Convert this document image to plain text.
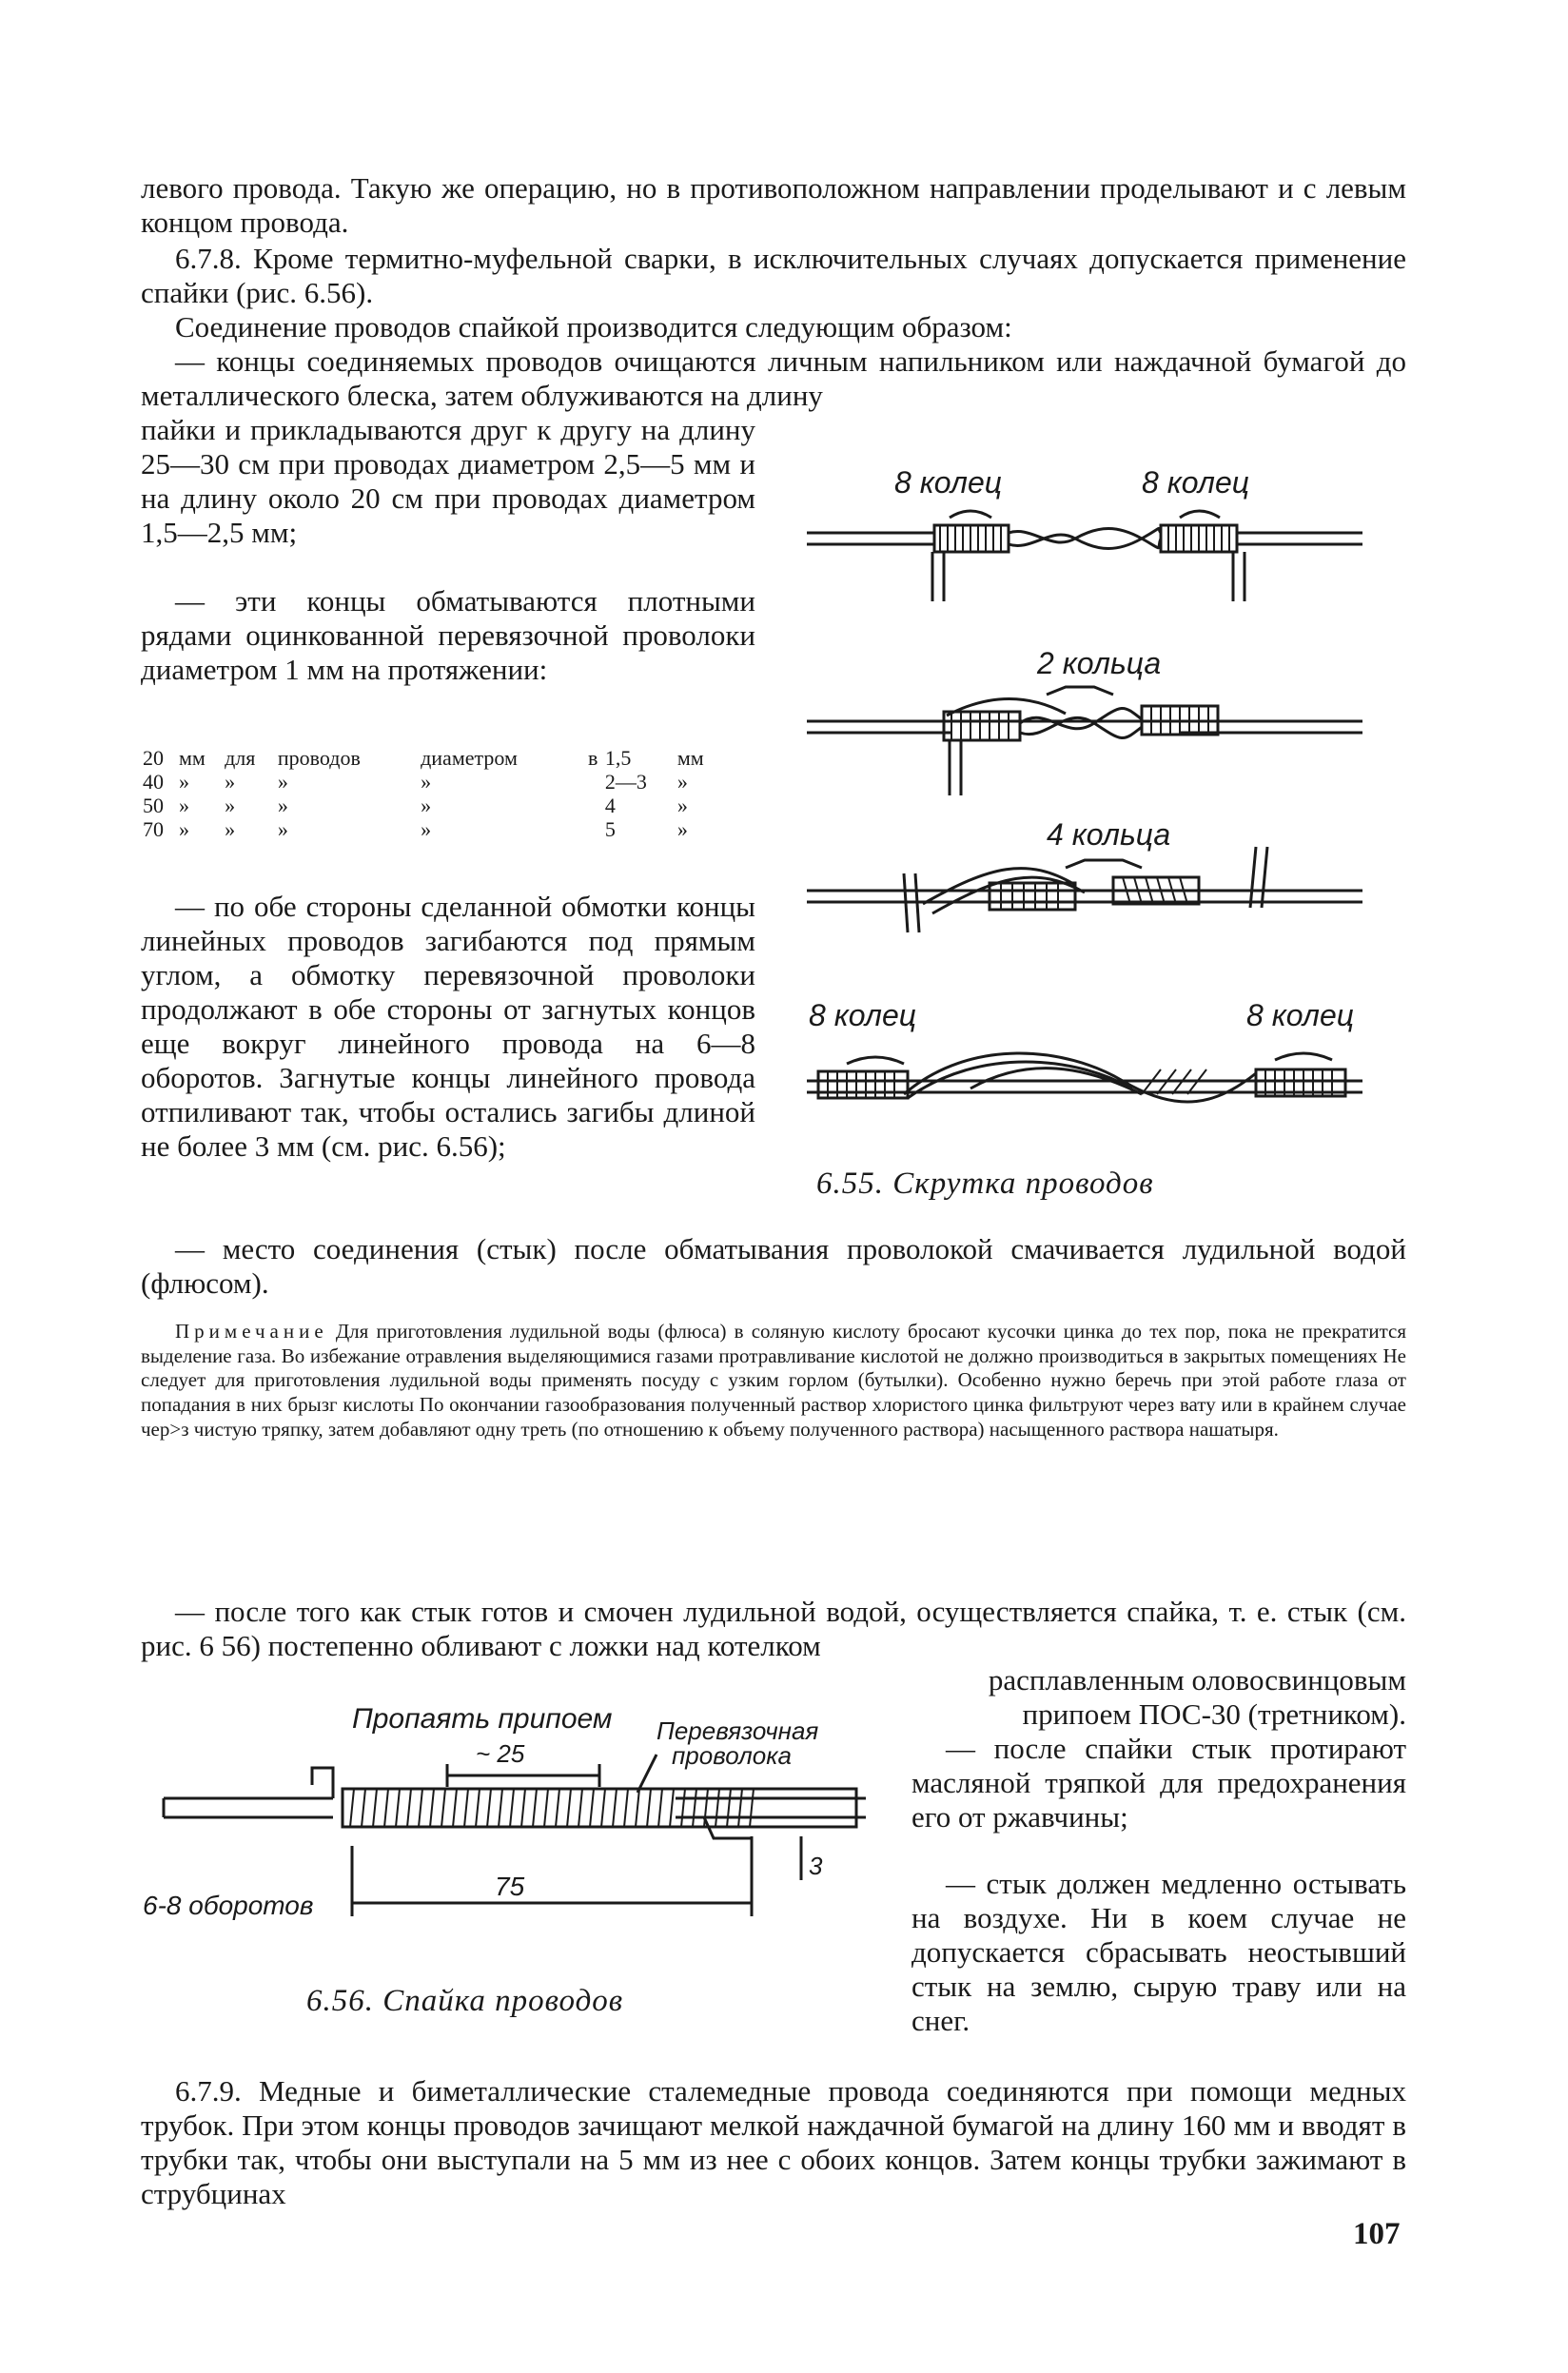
левого провода. Такую же операцию, но в противоположном направлении проделывают и с левым концом провода.
6.7.8. Кроме термитно-муфельной сварки, в исключительных случаях допускается применение спайки (рис. 6.56).
Соединение проводов спайкой производится следующим образом:
— концы соединяемых проводов очищаются личным напильником или наждачной бумагой до металлического блеска, затем облуживаются на длину
пайки и прикладываются друг к другу на длину 25—30 см при проводах диаметром 2,5—5 мм и на длину около 20 см при проводах диаметром 1,5—2,5 мм;
— эти концы обматываются плотными рядами оцинкованной перевязочной проволоки диаметром 1 мм на протяжении:
20	мм	для	проводов	диаметром	в	1,5	мм
40	»	»	»	»		2—3	»
50	»	»	»	»		4	»
70	»	»	»	»		5	»
— по обе стороны сделанной обмотки концы линейных проводов загибаются под прямым углом, а обмотку перевязочной проволоки продолжают в обе стороны от загнутых концов еще вокруг линейного провода на 6—8 оборотов. Загнутые концы линейного провода отпиливают так, чтобы остались загибы длиной не более 3 мм (см. рис. 6.56);
8 колец	8 колец
2 кольца
4 кольца
8 колец	8 колец
6.55. Скрутка проводов
— место соединения (стык) после обматывания проволокой смачивается лудильной водой (флюсом).
Примечание Для приготовления лудильной воды (флюса) в соляную кислоту бросают кусочки цинка до тех пор, пока не прекратится выделение газа. Во избежание отравления выделяющимися газами протравливание кислотой не должно производиться в закрытых помещениях Не следует для приготовления лудильной воды применять посуду с узким горлом (бутылки). Особенно нужно беречь при этой работе глаза от попадания в них брызг кислоты По окончании газообразования полученный раствор хлористого цинка фильтруют через вату или в крайнем случае чер>з чистую тряпку, затем добавляют одну треть (по отношению к объему полученного раствора) насыщенного раствора нашатыря.
— после того как стык готов и смочен лудильной водой, осуществляется спайка, т. е. стык (см. рис. 6 56) постепенно обливают с ложки над котелком
Пропаять припоем
~ 25
Перевязочная
проволока
6-8 оборотов
75
3
6.56. Спайка проводов
расплавленным оловосвинцовым припоем ПОС-30 (третником).
— после спайки стык протирают масляной тряпкой для предохранения его от ржавчины;
— стык должен медленно остывать на воздухе. Ни в коем случае не допускается сбрасывать неостывший стык на землю, сырую траву или на снег.
6.7.9. Медные и биметаллические сталемедные провода соединяются при помощи медных трубок. При этом концы проводов зачищают мелкой наждачной бумагой на длину 160 мм и вводят в трубки так, чтобы они выступали на 5 мм из нее с обоих концов. Затем концы трубки зажимают в струбцинах
107
